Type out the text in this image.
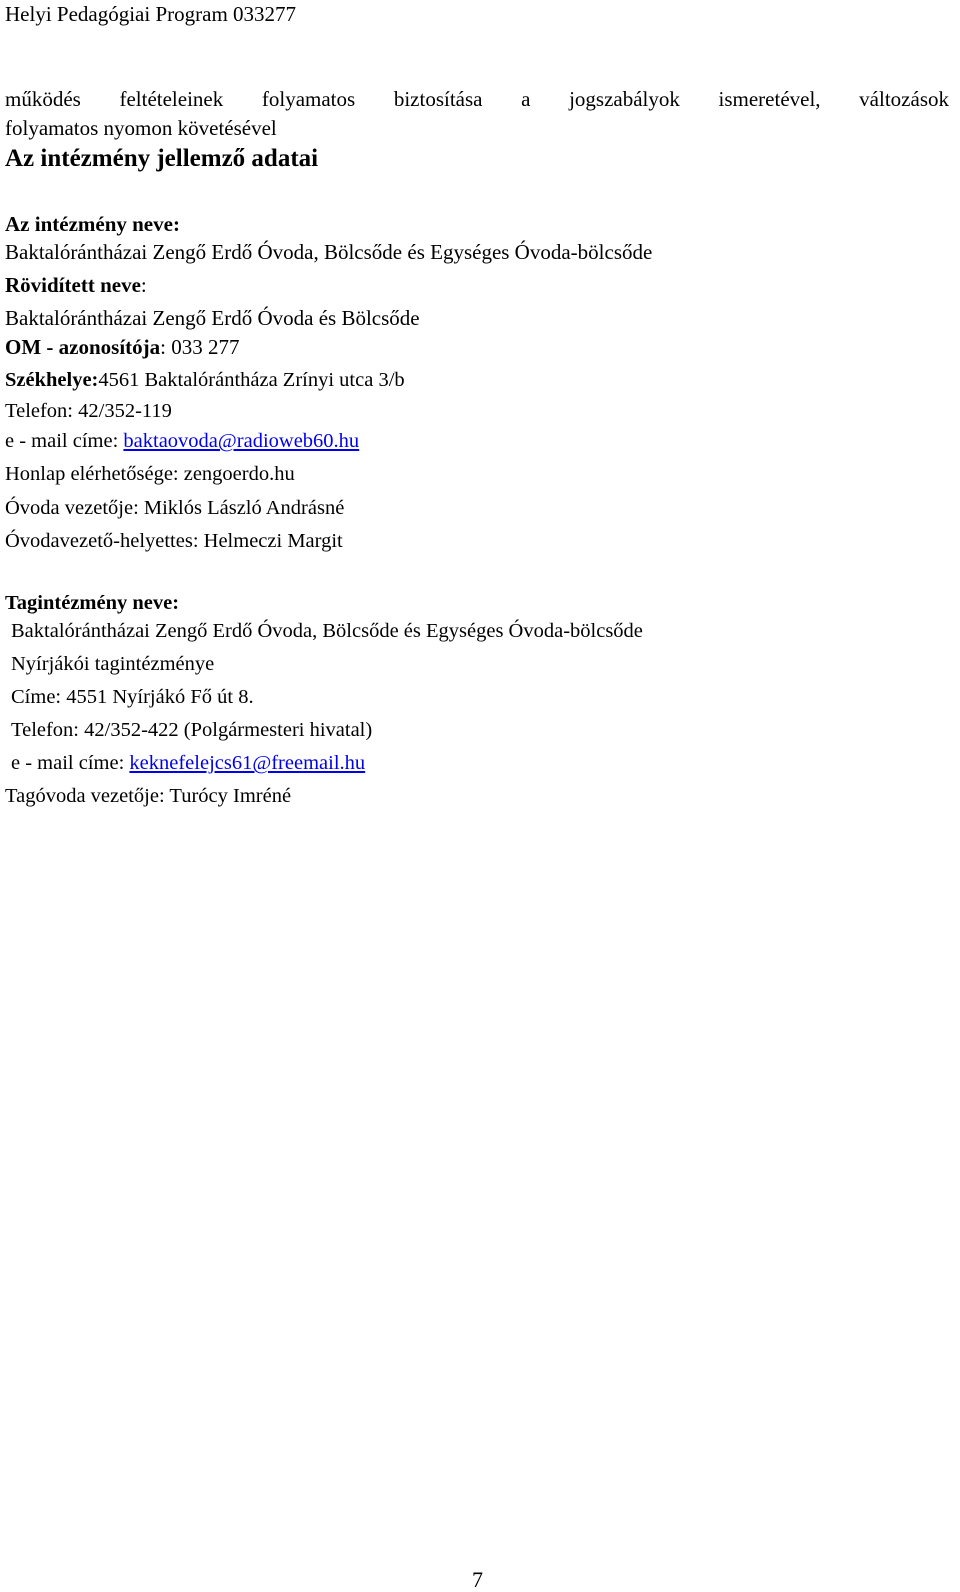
Helyi Pedagógiai Program 033277
működés feltételeinek folyamatos biztosítása a jogszabályok ismeretével, változások
folyamatos nyomon követésével
Az intézmény jellemző adatai
Az intézmény neve:
Baktalórántházai Zengő Erdő Óvoda, Bölcsőde és Egységes Óvoda-bölcsőde
Rövidített neve:
Baktalórántházai Zengő Erdő Óvoda és Bölcsőde
OM - azonosítója: 033 277
Székhelye:4561 Baktalórántháza Zrínyi utca 3/b
Telefon: 42/352-119
e - mail címe: baktaovoda@radioweb60.hu
Honlap elérhetősége: zengoerdo.hu
Óvoda vezetője: Miklós László Andrásné
Óvodavezető-helyettes: Helmeczi Margit
Tagintézmény neve:
Baktalórántházai Zengő Erdő Óvoda, Bölcsőde és Egységes Óvoda-bölcsőde
Nyírjákói tagintézménye
Címe: 4551 Nyírjákó Fő út 8.
Telefon: 42/352-422 (Polgármesteri hivatal)
e - mail címe: keknefelejcs61@freemail.hu
Tagóvoda vezetője: Turócy Imréné
7
